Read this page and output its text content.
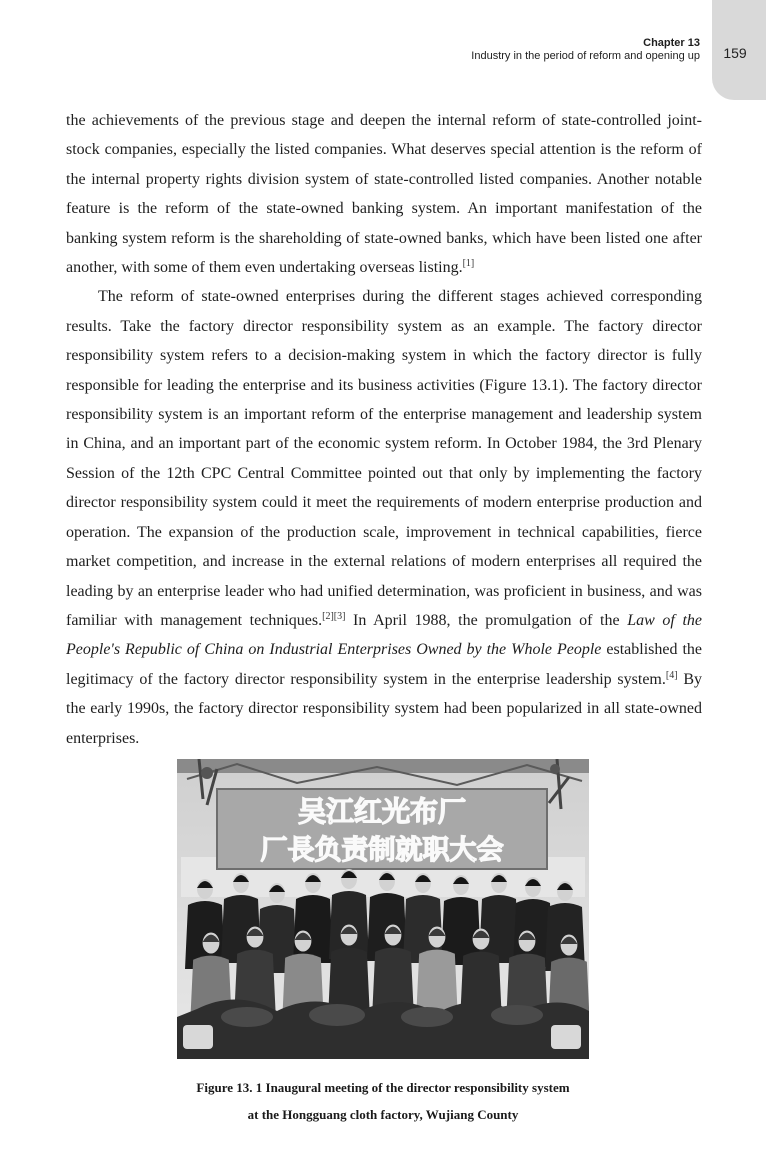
159
Chapter 13
Industry in the period of reform and opening up

the achievements of the previous stage and deepen the internal reform of state-controlled joint-stock companies, especially the listed companies. What deserves special attention is the reform of the internal property rights division system of state-controlled listed companies. Another notable feature is the reform of the state-owned banking system. An important manifestation of the banking system reform is the shareholding of state-owned banks, which have been listed one after another, with some of them even undertaking overseas listing.[1]

The reform of state-owned enterprises during the different stages achieved corresponding results. Take the factory director responsibility system as an example. The factory director responsibility system refers to a decision-making system in which the factory director is fully responsible for leading the enterprise and its business activities (Figure 13.1). The factory director responsibility system is an important reform of the enterprise management and leadership system in China, and an important part of the economic system reform. In October 1984, the 3rd Plenary Session of the 12th CPC Central Committee pointed out that only by implementing the factory director responsibility system could it meet the requirements of modern enterprise production and operation. The expansion of the production scale, improvement in technical capabilities, fierce market competition, and increase in the external relations of modern enterprises all required the leading by an enterprise leader who had unified determination, was proficient in business, and was familiar with management techniques.[2][3] In April 1988, the promulgation of the Law of the People's Republic of China on Industrial Enterprises Owned by the Whole People established the legitimacy of the factory director responsibility system in the enterprise leadership system.[4] By the early 1990s, the factory director responsibility system had been popularized in all state-owned enterprises.

吴江红光布厂
厂長负责制就职大会
Figure 13. 1 Inaugural meeting of the director responsibility system
at the Hongguang cloth factory, Wujiang County
